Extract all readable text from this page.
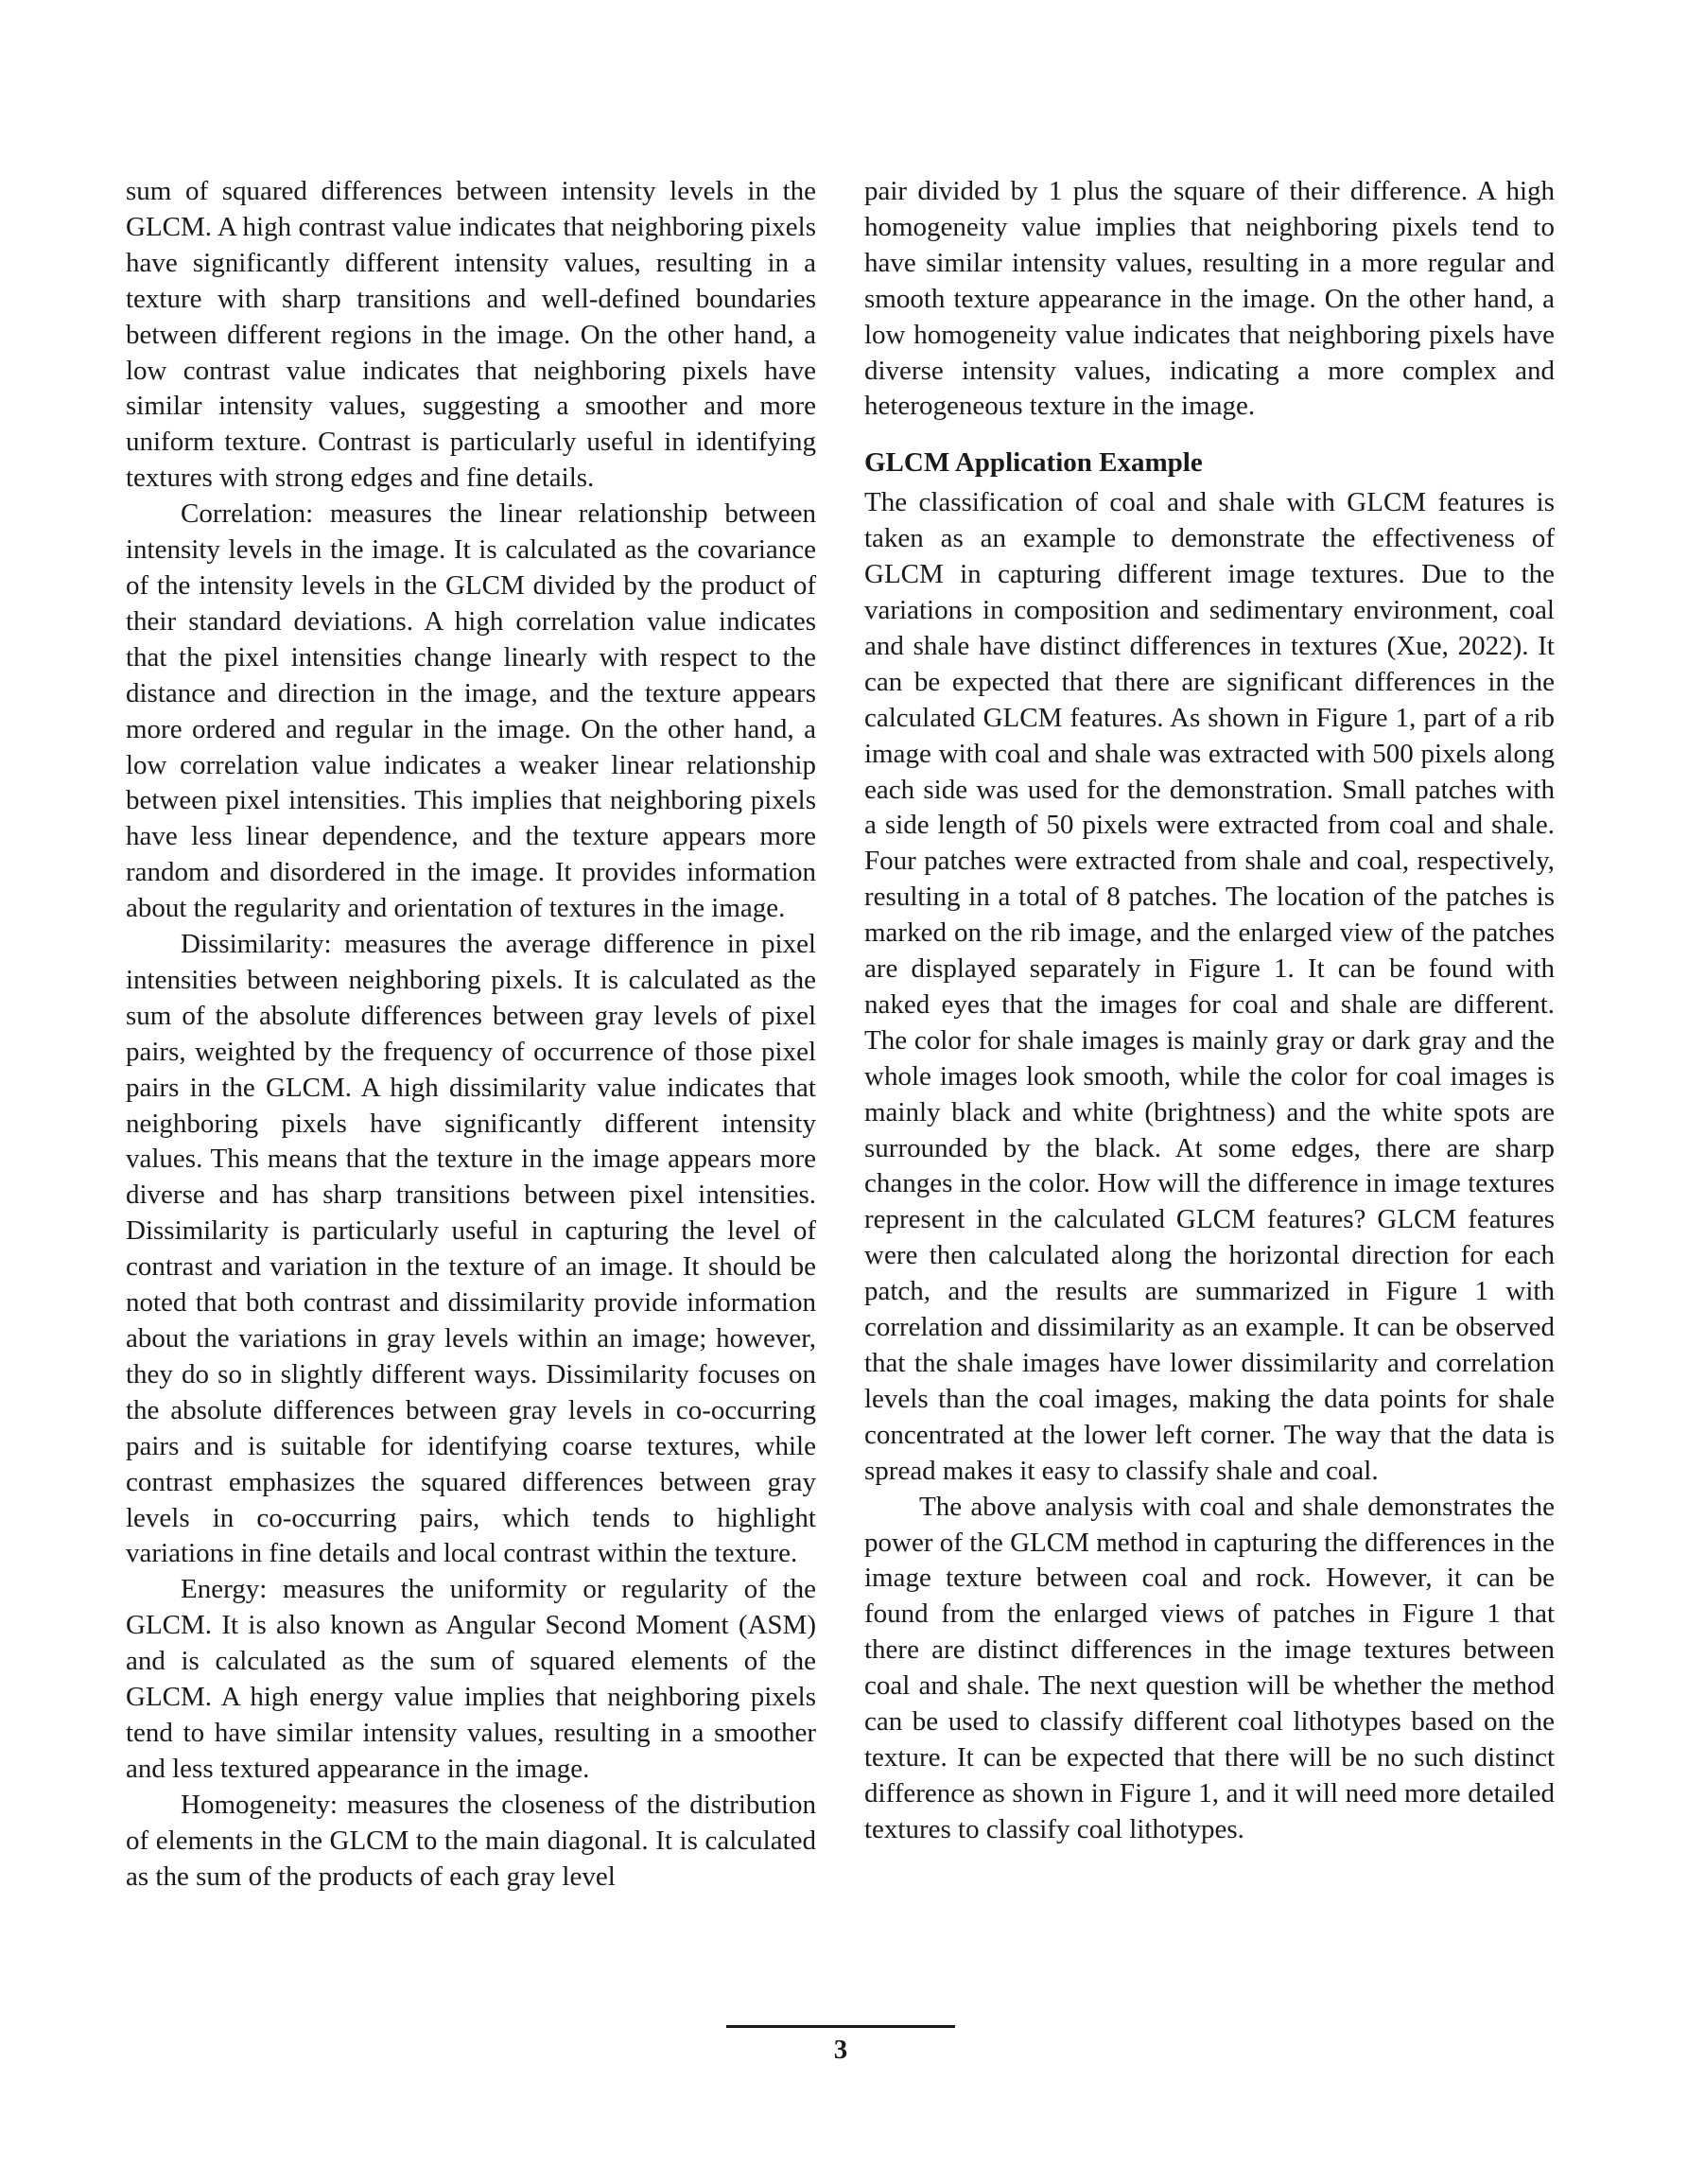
sum of squared differences between intensity levels in the GLCM. A high contrast value indicates that neighboring pixels have significantly different intensity values, resulting in a texture with sharp transitions and well-defined boundaries between different regions in the image. On the other hand, a low contrast value indicates that neighboring pixels have similar intensity values, suggesting a smoother and more uniform texture. Contrast is particularly useful in identifying textures with strong edges and fine details.

Correlation: measures the linear relationship between intensity levels in the image. It is calculated as the covariance of the intensity levels in the GLCM divided by the product of their standard deviations. A high correlation value indicates that the pixel intensities change linearly with respect to the distance and direction in the image, and the texture appears more ordered and regular in the image. On the other hand, a low correlation value indicates a weaker linear relationship between pixel intensities. This implies that neighboring pixels have less linear dependence, and the texture appears more random and disordered in the image. It provides information about the regularity and orientation of textures in the image.

Dissimilarity: measures the average difference in pixel intensities between neighboring pixels. It is calculated as the sum of the absolute differences between gray levels of pixel pairs, weighted by the frequency of occurrence of those pixel pairs in the GLCM. A high dissimilarity value indicates that neighboring pixels have significantly different intensity values. This means that the texture in the image appears more diverse and has sharp transitions between pixel intensities. Dissimilarity is particularly useful in capturing the level of contrast and variation in the texture of an image. It should be noted that both contrast and dissimilarity provide information about the variations in gray levels within an image; however, they do so in slightly different ways. Dissimilarity focuses on the absolute differences between gray levels in co-occurring pairs and is suitable for identifying coarse textures, while contrast emphasizes the squared differences between gray levels in co-occurring pairs, which tends to highlight variations in fine details and local contrast within the texture.

Energy: measures the uniformity or regularity of the GLCM. It is also known as Angular Second Moment (ASM) and is calculated as the sum of squared elements of the GLCM. A high energy value implies that neighboring pixels tend to have similar intensity values, resulting in a smoother and less textured appearance in the image.

Homogeneity: measures the closeness of the distribution of elements in the GLCM to the main diagonal. It is calculated as the sum of the products of each gray level

pair divided by 1 plus the square of their difference. A high homogeneity value implies that neighboring pixels tend to have similar intensity values, resulting in a more regular and smooth texture appearance in the image. On the other hand, a low homogeneity value indicates that neighboring pixels have diverse intensity values, indicating a more complex and heterogeneous texture in the image.

GLCM Application Example

The classification of coal and shale with GLCM features is taken as an example to demonstrate the effectiveness of GLCM in capturing different image textures. Due to the variations in composition and sedimentary environment, coal and shale have distinct differences in textures (Xue, 2022). It can be expected that there are significant differences in the calculated GLCM features. As shown in Figure 1, part of a rib image with coal and shale was extracted with 500 pixels along each side was used for the demonstration. Small patches with a side length of 50 pixels were extracted from coal and shale. Four patches were extracted from shale and coal, respectively, resulting in a total of 8 patches. The location of the patches is marked on the rib image, and the enlarged view of the patches are displayed separately in Figure 1. It can be found with naked eyes that the images for coal and shale are different. The color for shale images is mainly gray or dark gray and the whole images look smooth, while the color for coal images is mainly black and white (brightness) and the white spots are surrounded by the black. At some edges, there are sharp changes in the color. How will the difference in image textures represent in the calculated GLCM features? GLCM features were then calculated along the horizontal direction for each patch, and the results are summarized in Figure 1 with correlation and dissimilarity as an example. It can be observed that the shale images have lower dissimilarity and correlation levels than the coal images, making the data points for shale concentrated at the lower left corner. The way that the data is spread makes it easy to classify shale and coal.

The above analysis with coal and shale demonstrates the power of the GLCM method in capturing the differences in the image texture between coal and rock. However, it can be found from the enlarged views of patches in Figure 1 that there are distinct differences in the image textures between coal and shale. The next question will be whether the method can be used to classify different coal lithotypes based on the texture. It can be expected that there will be no such distinct difference as shown in Figure 1, and it will need more detailed textures to classify coal lithotypes.

3
